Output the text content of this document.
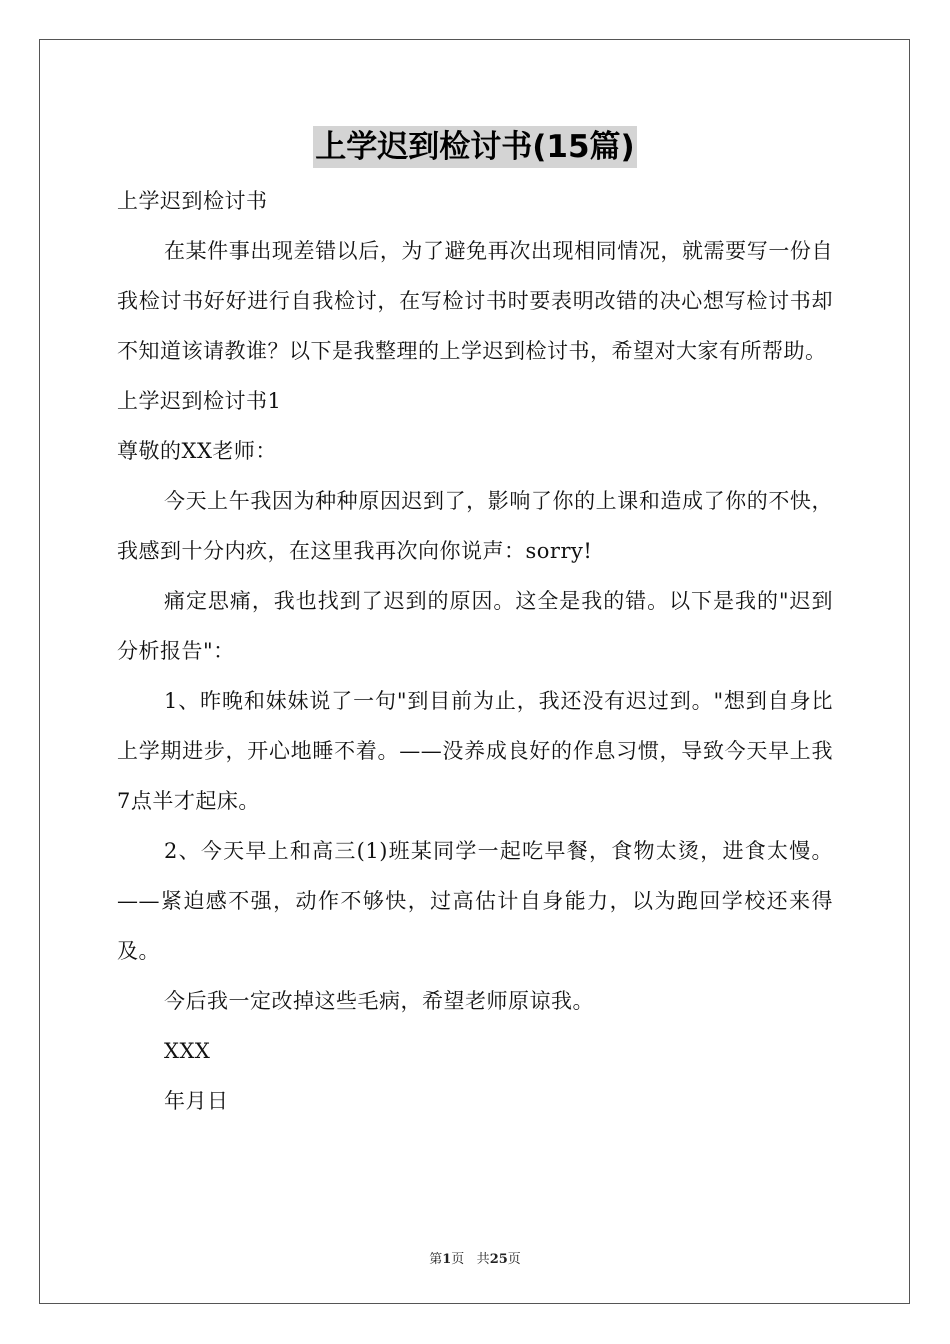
上学迟到检讨书(15篇)

上学迟到检讨书

在某件事出现差错以后，为了避免再次出现相同情况，就需要写一份自我检讨书好好进行自我检讨，在写检讨书时要表明改错的决心想写检讨书却不知道该请教谁？以下是我整理的上学迟到检讨书，希望对大家有所帮助。

上学迟到检讨书1

尊敬的XX老师：

今天上午我因为种种原因迟到了，影响了你的上课和造成了你的不快，我感到十分内疚，在这里我再次向你说声：sorry!

痛定思痛，我也找到了迟到的原因。这全是我的错。以下是我的"迟到分析报告"：

1、昨晚和妹妹说了一句"到目前为止，我还没有迟过到。"想到自身比上学期进步，开心地睡不着。——没养成良好的作息习惯，导致今天早上我7点半才起床。

2、今天早上和高三(1)班某同学一起吃早餐，食物太烫，进食太慢。——紧迫感不强，动作不够快，过高估计自身能力，以为跑回学校还来得及。

今后我一定改掉这些毛病，希望老师原谅我。

XXX

年月日

第1页 共25页
